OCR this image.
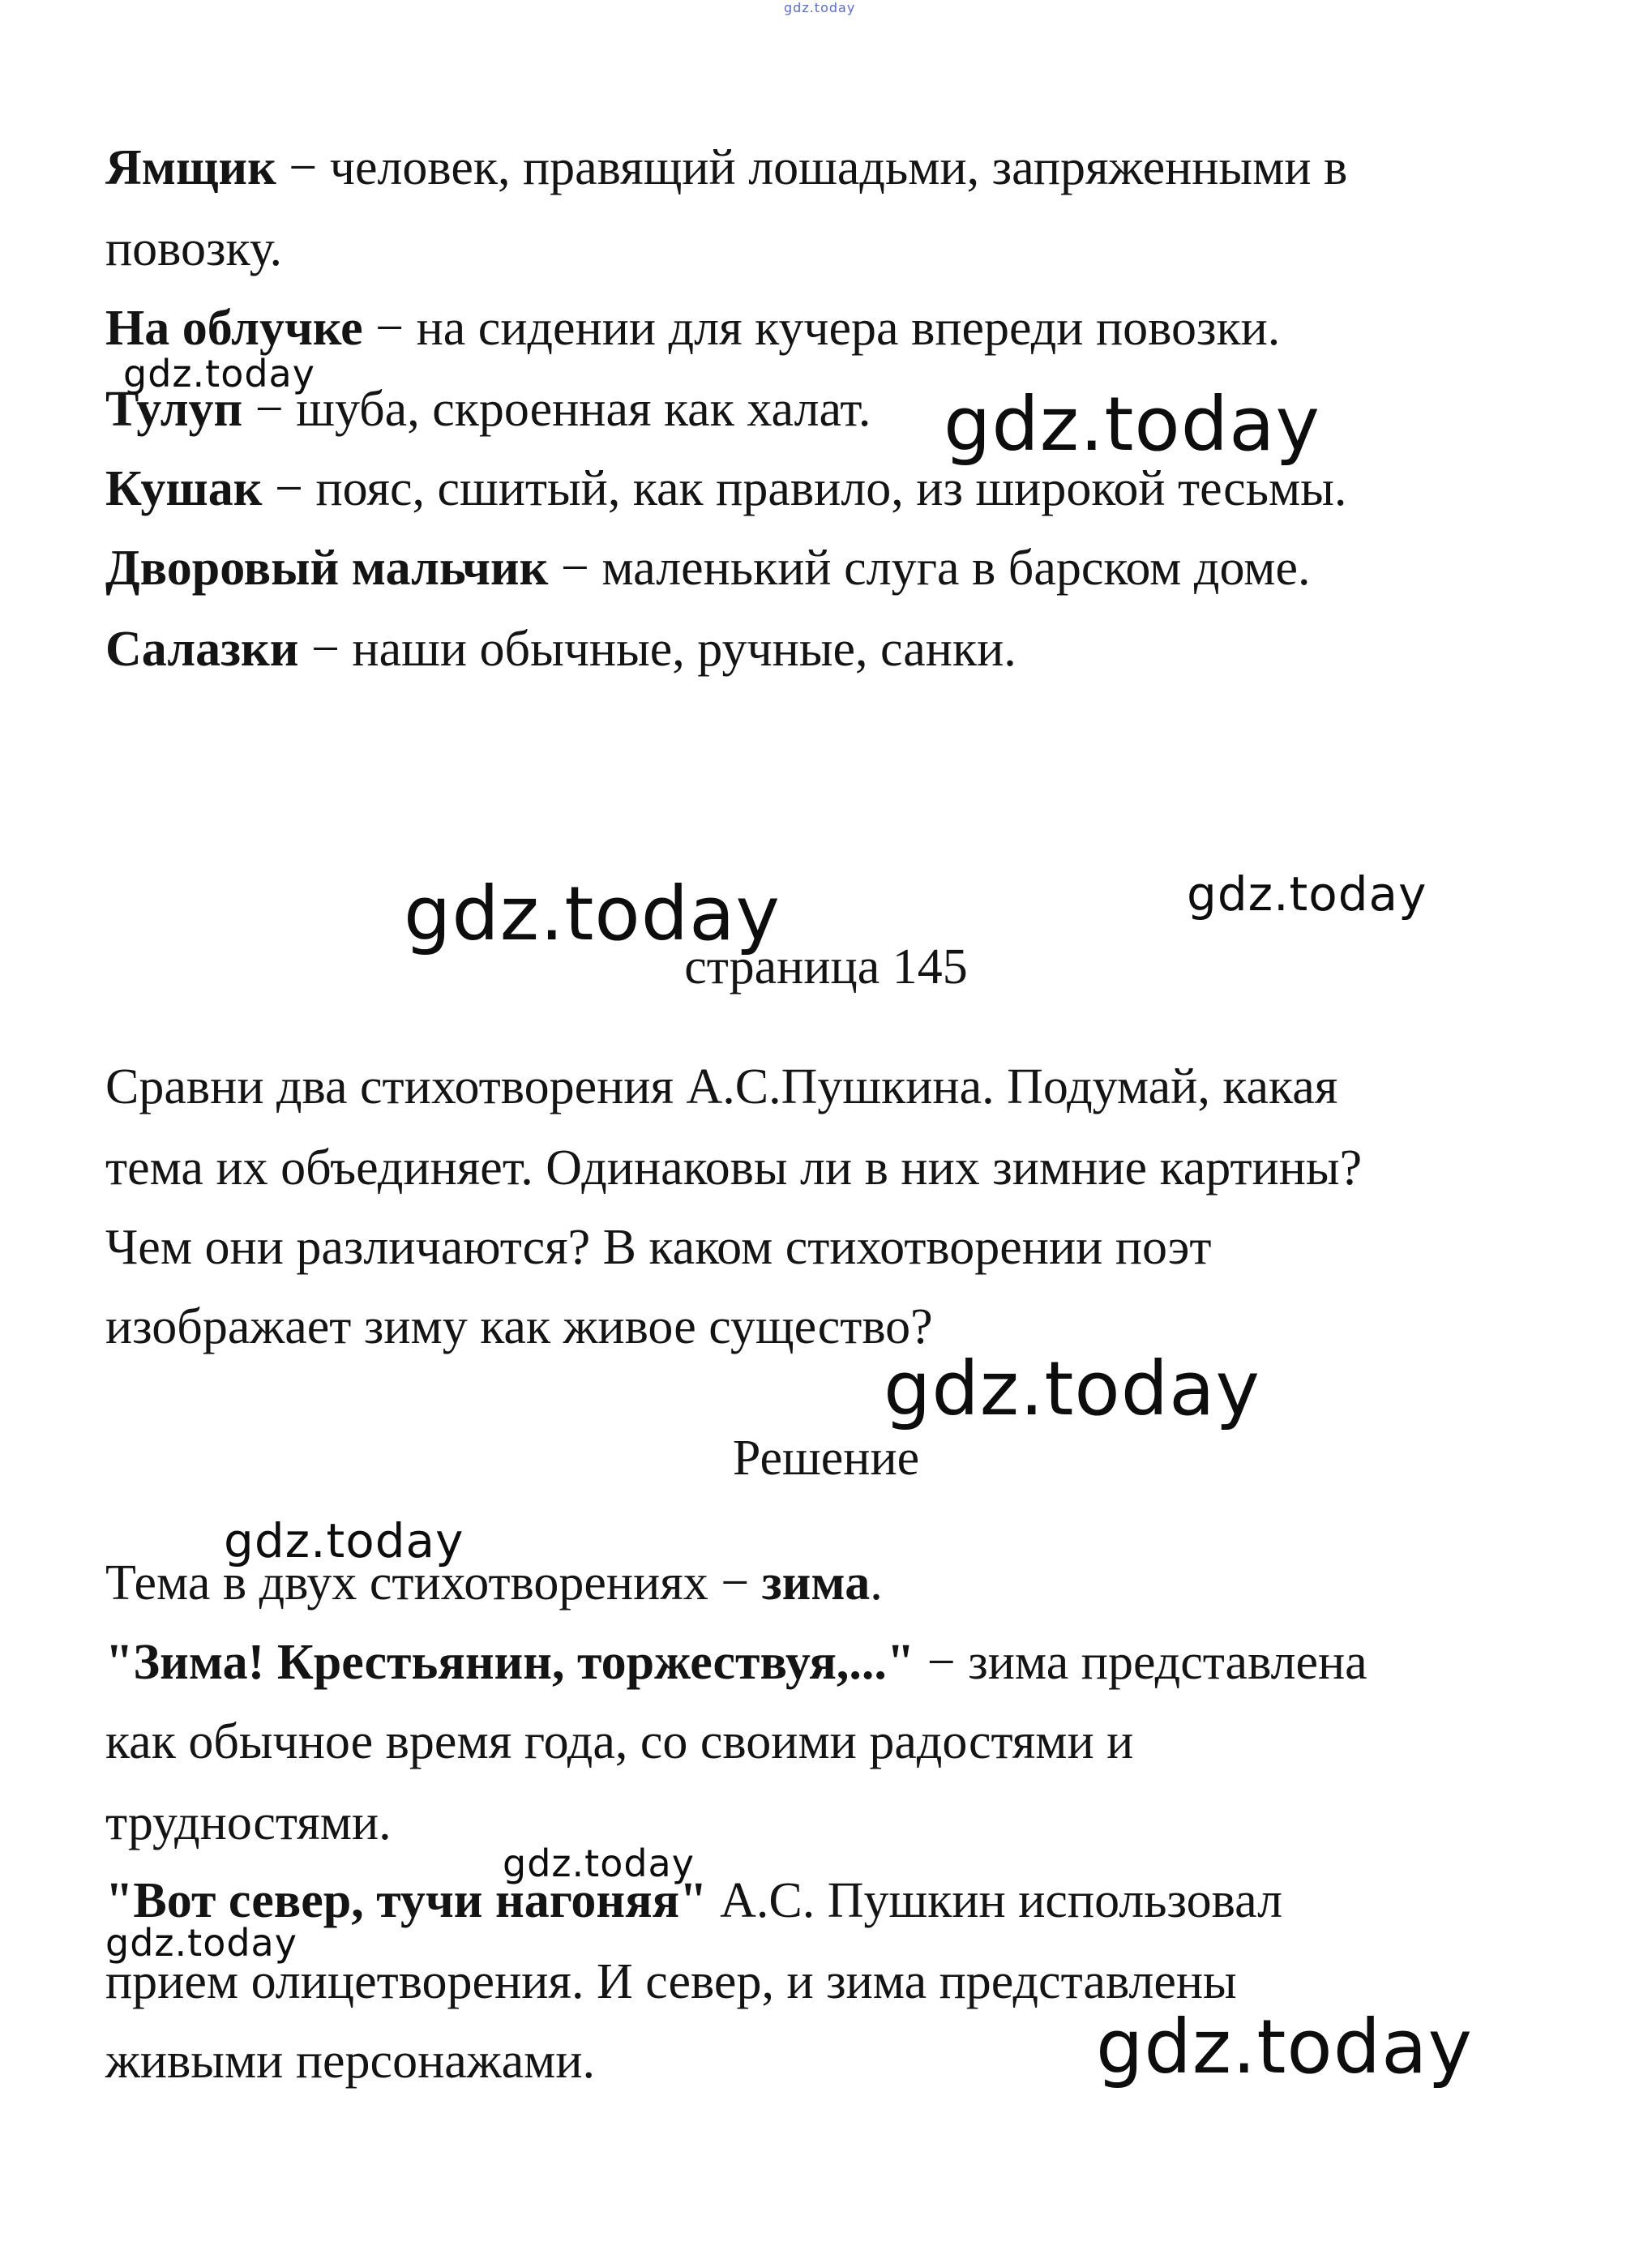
gdz.today
Ямщик − человек, правящий лошадьми, запряженными в
повозку.
На облучке − на сидении для кучера впереди повозки.
Тулуп − шуба, скроенная как халат.
Кушак − пояс, сшитый, как правило, из широкой тесьмы.
Дворовый мальчик − маленький слуга в барском доме.
Салазки − наши обычные, ручные, санки.
gdz.today
gdz.today
gdz.today	gdz.today
страница 145
Сравни два стихотворения А.С.Пушкина. Подумай, какая
тема их объединяет. Одинаковы ли в них зимние картины?
Чем они различаются? В каком стихотворении поэт
изображает зиму как живое существо?
gdz.today
Решение
gdz.today
Тема в двух стихотворениях − зима.
"Зима! Крестьянин, торжествуя,..." − зима представлена
как обычное время года, со своими радостями и
трудностями.
gdz.today
"Вот север, тучи нагоняя" А.С. Пушкин использовал
gdz.today
прием олицетворения. И север, и зима представлены
живыми персонажами.	gdz.today
